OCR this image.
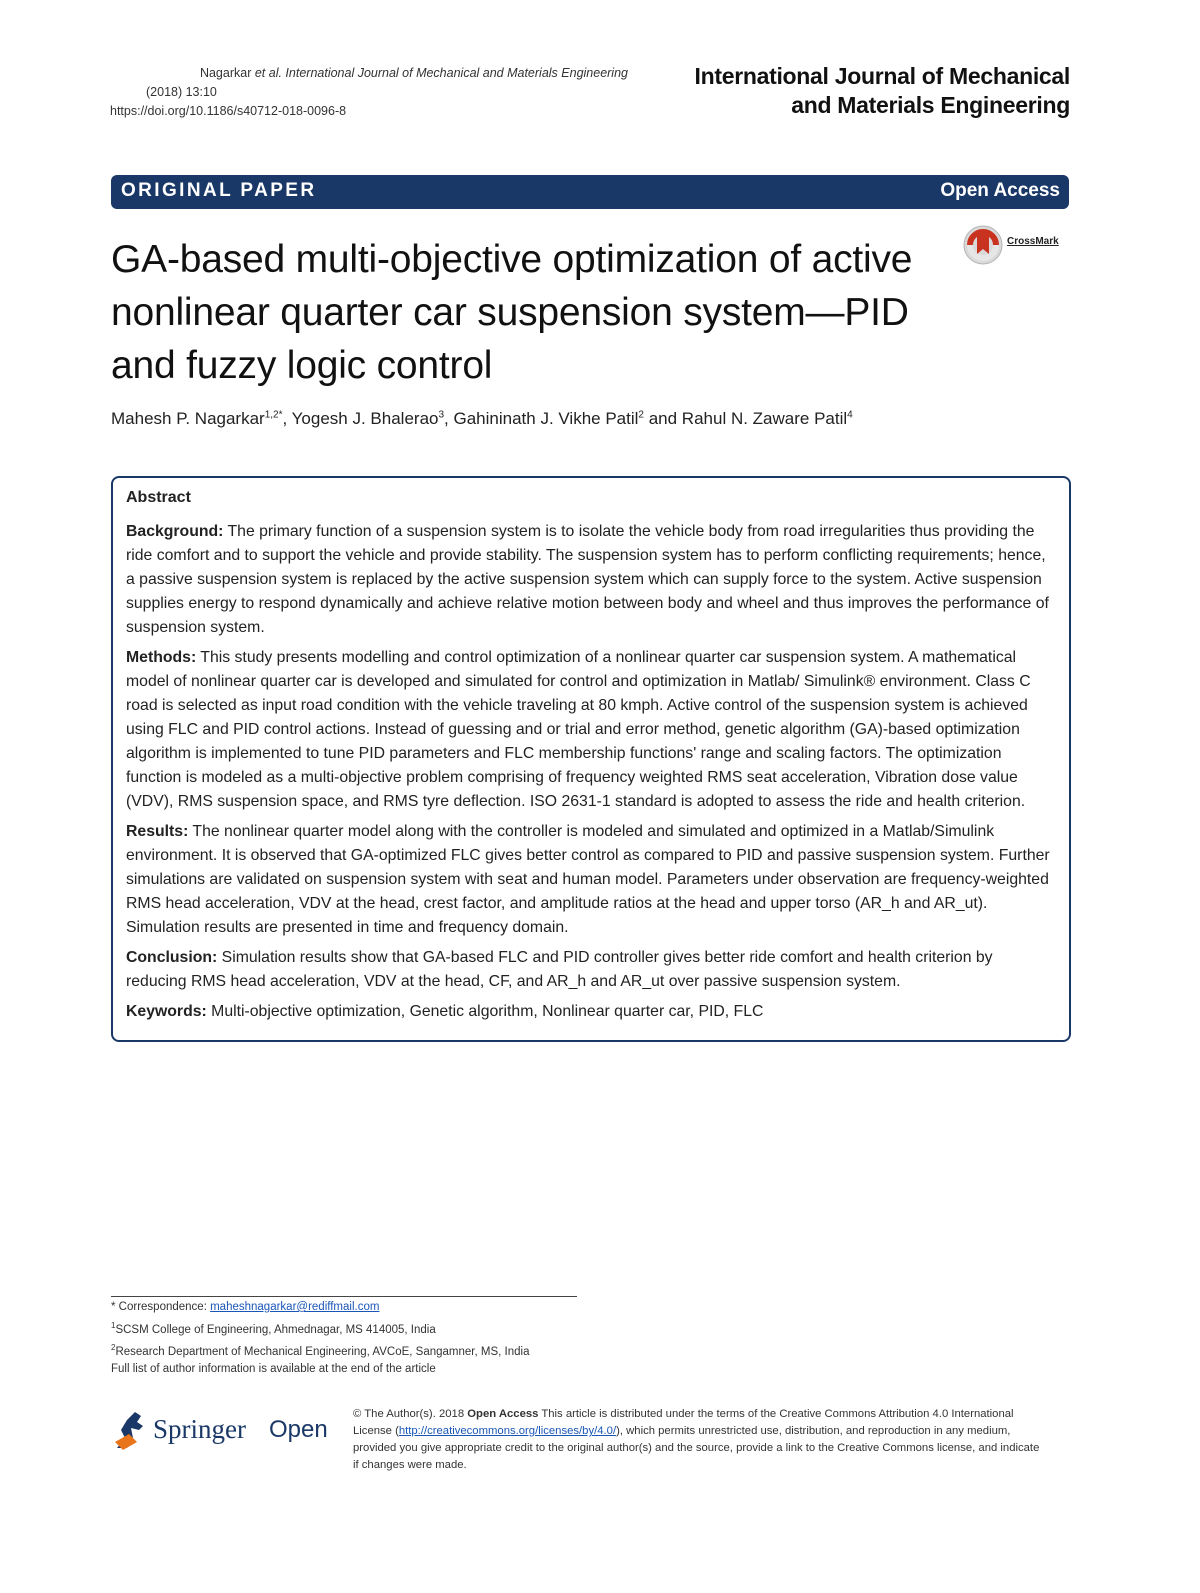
Nagarkar et al. International Journal of Mechanical and Materials Engineering
(2018) 13:10
https://doi.org/10.1186/s40712-018-0096-8
International Journal of Mechanical
and Materials Engineering
ORIGINAL PAPER	Open Access
GA-based multi-objective optimization of active nonlinear quarter car suspension system—PID and fuzzy logic control
CrossMark
Mahesh P. Nagarkar$^{1,2*}$, Yogesh J. Bhalerao$^3$, Gahininath J. Vikhe Patil$^2$ and Rahul N. Zaware Patil$^4$
Abstract

Background: The primary function of a suspension system is to isolate the vehicle body from road irregularities thus providing the ride comfort and to support the vehicle and provide stability. The suspension system has to perform conflicting requirements; hence, a passive suspension system is replaced by the active suspension system which can supply force to the system. Active suspension supplies energy to respond dynamically and achieve relative motion between body and wheel and thus improves the performance of suspension system.

Methods: This study presents modelling and control optimization of a nonlinear quarter car suspension system. A mathematical model of nonlinear quarter car is developed and simulated for control and optimization in Matlab/ Simulink® environment. Class C road is selected as input road condition with the vehicle traveling at 80 kmph. Active control of the suspension system is achieved using FLC and PID control actions. Instead of guessing and or trial and error method, genetic algorithm (GA)-based optimization algorithm is implemented to tune PID parameters and FLC membership functions' range and scaling factors. The optimization function is modeled as a multi-objective problem comprising of frequency weighted RMS seat acceleration, Vibration dose value (VDV), RMS suspension space, and RMS tyre deflection. ISO 2631-1 standard is adopted to assess the ride and health criterion.

Results: The nonlinear quarter model along with the controller is modeled and simulated and optimized in a Matlab/Simulink environment. It is observed that GA-optimized FLC gives better control as compared to PID and passive suspension system. Further simulations are validated on suspension system with seat and human model. Parameters under observation are frequency-weighted RMS head acceleration, VDV at the head, crest factor, and amplitude ratios at the head and upper torso (AR_h and AR_ut). Simulation results are presented in time and frequency domain.

Conclusion: Simulation results show that GA-based FLC and PID controller gives better ride comfort and health criterion by reducing RMS head acceleration, VDV at the head, CF, and AR_h and AR_ut over passive suspension system.

Keywords: Multi-objective optimization, Genetic algorithm, Nonlinear quarter car, PID, FLC

* Correspondence: maheshnagarkar@rediffmail.com
$^1$SCSM College of Engineering, Ahmednagar, MS 414005, India
$^2$Research Department of Mechanical Engineering, AVCoE, Sangamner, MS, India
Full list of author information is available at the end of the article
Springer Open
© The Author(s). 2018 Open Access This article is distributed under the terms of the Creative Commons Attribution 4.0 International License (http://creativecommons.org/licenses/by/4.0/), which permits unrestricted use, distribution, and reproduction in any medium, provided you give appropriate credit to the original author(s) and the source, provide a link to the Creative Commons license, and indicate if changes were made.
